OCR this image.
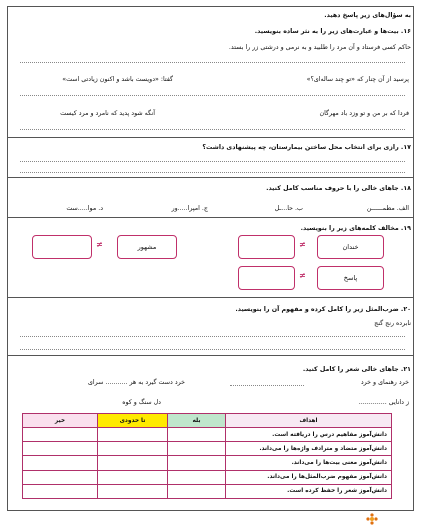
به سؤال‌های زیر پاسخ دهید.
۱۶. بیت‌ها و عبارت‌های زیر را به نثر ساده بنویسید.
حاکم کسی فرستاد و آن مرد را طلبید و به نرمی و درشتی زر را بستد.
پرسید از آن چنار که «تو چند ساله‌ای؟»
گفتا: «دویست باشد و اکنون زیادتی است»
فردا که بر من و تو وزد باد مهرگان
آنگه شود پدید که نامرد و مرد کیست
۱۷. رازی برای انتخاب محل ساختن بیمارستان، چه پیشنهادی داشت؟
۱۸. جاهای خالی را با حروف مناسب کامل کنید.
الف. مطمـ‌‌‌ـــــن
ب. حا...ـل
ج. امپرا.....ور
د. موا.....ست
۱۹. مخالف کلمه‌های زیر را بنویسید.
خندان
≠
مشهور
≠
پاسخ
≠
۲۰. ضرب‌المثل زیر را کامل کرده و مفهوم آن را بنویسید.
نابرده رنج گنج
۲۱. جاهای خالی شعر را کامل کنید.
خرد رهنمای و خرد
خرد دست گیرد به هر ........... سرای
ز دانایی ..............
دل سنگ و کوه
اهداف	بله	تا حدودی	خیر
دانش‌آموز مفاهیم درس را دریافته است.			
دانش‌آموز متضاد و مترادف واژه‌ها را می‌داند.			
دانش‌آموز معنی بیت‌ها را می‌داند.			
دانش‌آموز مفهوم ضرب‌المثل‌ها را می‌داند.			
دانش‌آموز شعر را حفظ کرده است.			
